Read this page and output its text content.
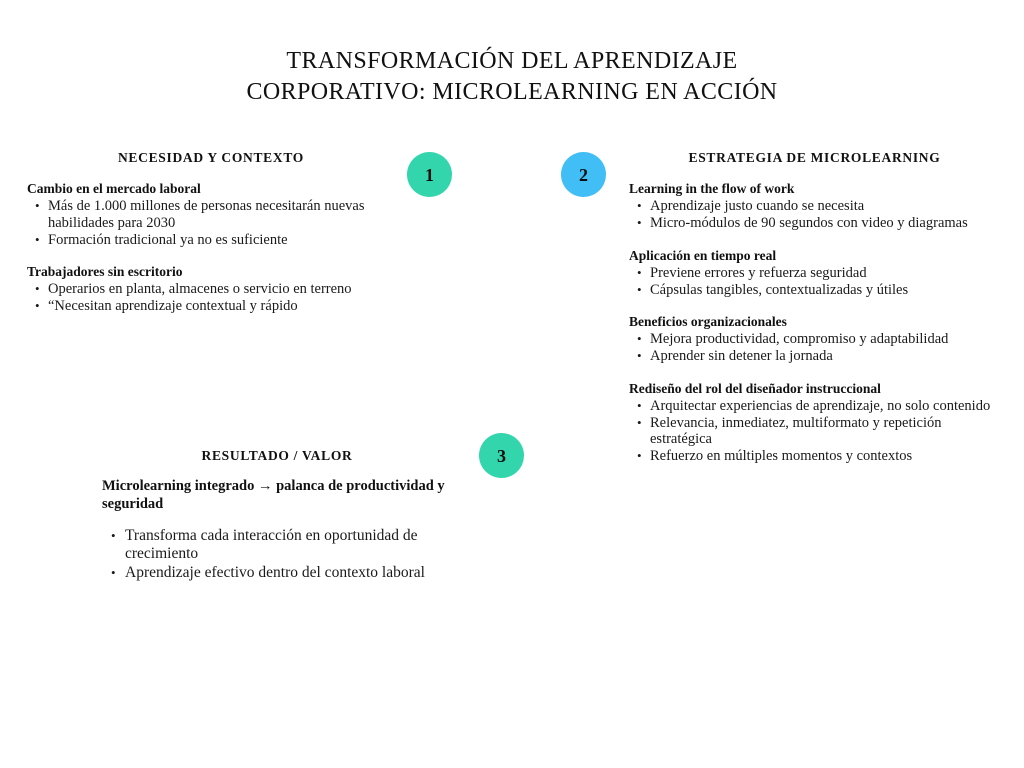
TRANSFORMACIÓN DEL APRENDIZAJE
CORPORATIVO: MICROLEARNING EN ACCIÓN
NECESIDAD Y CONTEXTO	ESTRATEGIA DE MICROLEARNING
RESULTADO / VALOR
1	2
3
Cambio en el mercado laboral
• Más de 1.000 millones de personas necesitarán nuevas habilidades para 2030
• Formación tradicional ya no es suficiente
Trabajadores sin escritorio
• Operarios en planta, almacenes o servicio en terreno
• “Necesitan aprendizaje contextual y rápido
Learning in the flow of work
• Aprendizaje justo cuando se necesita
• Micro-módulos de 90 segundos con video y diagramas
Aplicación en tiempo real
• Previene errores y refuerza seguridad
• Cápsulas tangibles, contextualizadas y útiles
Beneficios organizacionales
• Mejora productividad, compromiso y adaptabilidad
• Aprender sin detener la jornada
Rediseño del rol del diseñador instruccional
• Arquitectar experiencias de aprendizaje, no solo contenido
• Relevancia, inmediatez, multiformato y repetición estratégica
• Refuerzo en múltiples momentos y contextos
Microlearning integrado → palanca de productividad y seguridad
• Transforma cada interacción en oportunidad de crecimiento
• Aprendizaje efectivo dentro del contexto laboral
